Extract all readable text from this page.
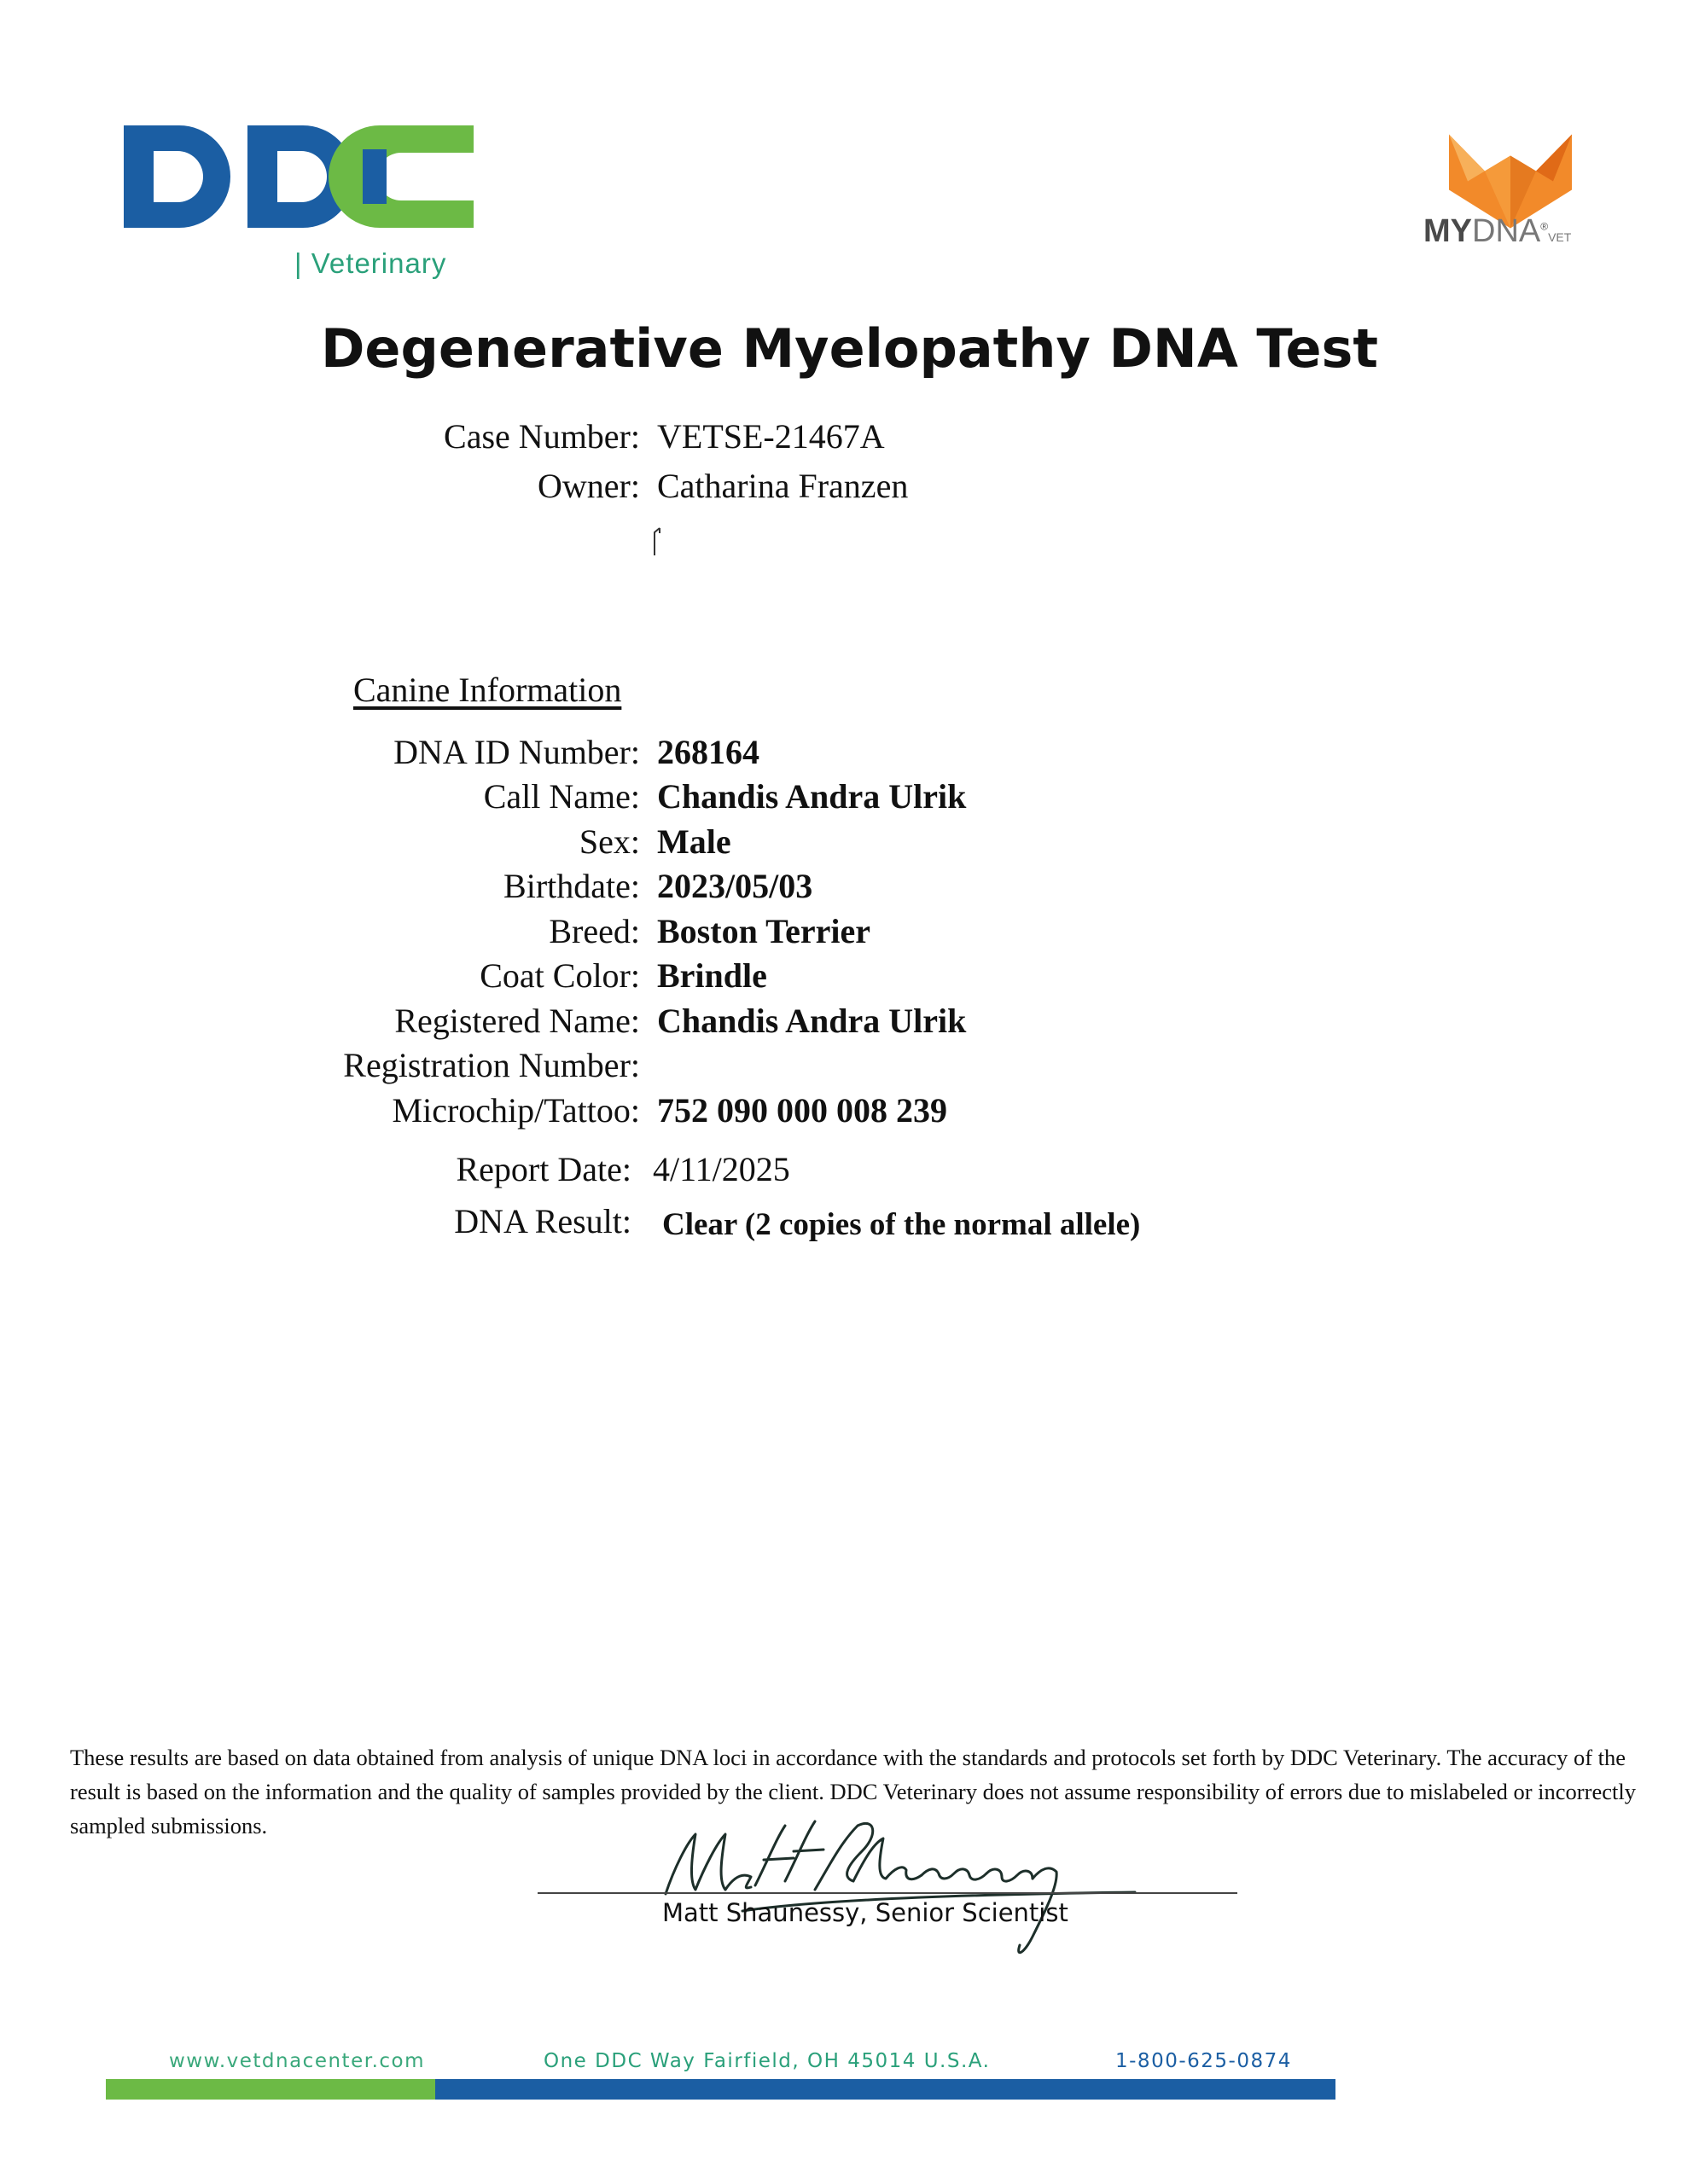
| Veterinary
MYDNA®VET
Degenerative Myelopathy DNA Test
Case Number: VETSE-21467A
Owner: Catharina Franzen
Canine Information
DNA ID Number: 268164
Call Name: Chandis Andra Ulrik
Sex: Male
Birthdate: 2023/05/03
Breed: Boston Terrier
Coat Color: Brindle
Registered Name: Chandis Andra Ulrik
Registration Number:
Microchip/Tattoo: 752 090 000 008 239
Report Date: 4/11/2025
DNA Result: Clear (2 copies of the normal allele)
These results are based on data obtained from analysis of unique DNA loci in accordance with the standards and protocols set forth by DDC Veterinary. The accuracy of the result is based on the information and the quality of samples provided by the client. DDC Veterinary does not assume responsibility of errors due to mislabeled or incorrectly sampled submissions.
Matt Shaunessy, Senior Scientist
www.vetdnacenter.com	One DDC Way Fairfield, OH 45014 U.S.A.	1-800-625-0874
